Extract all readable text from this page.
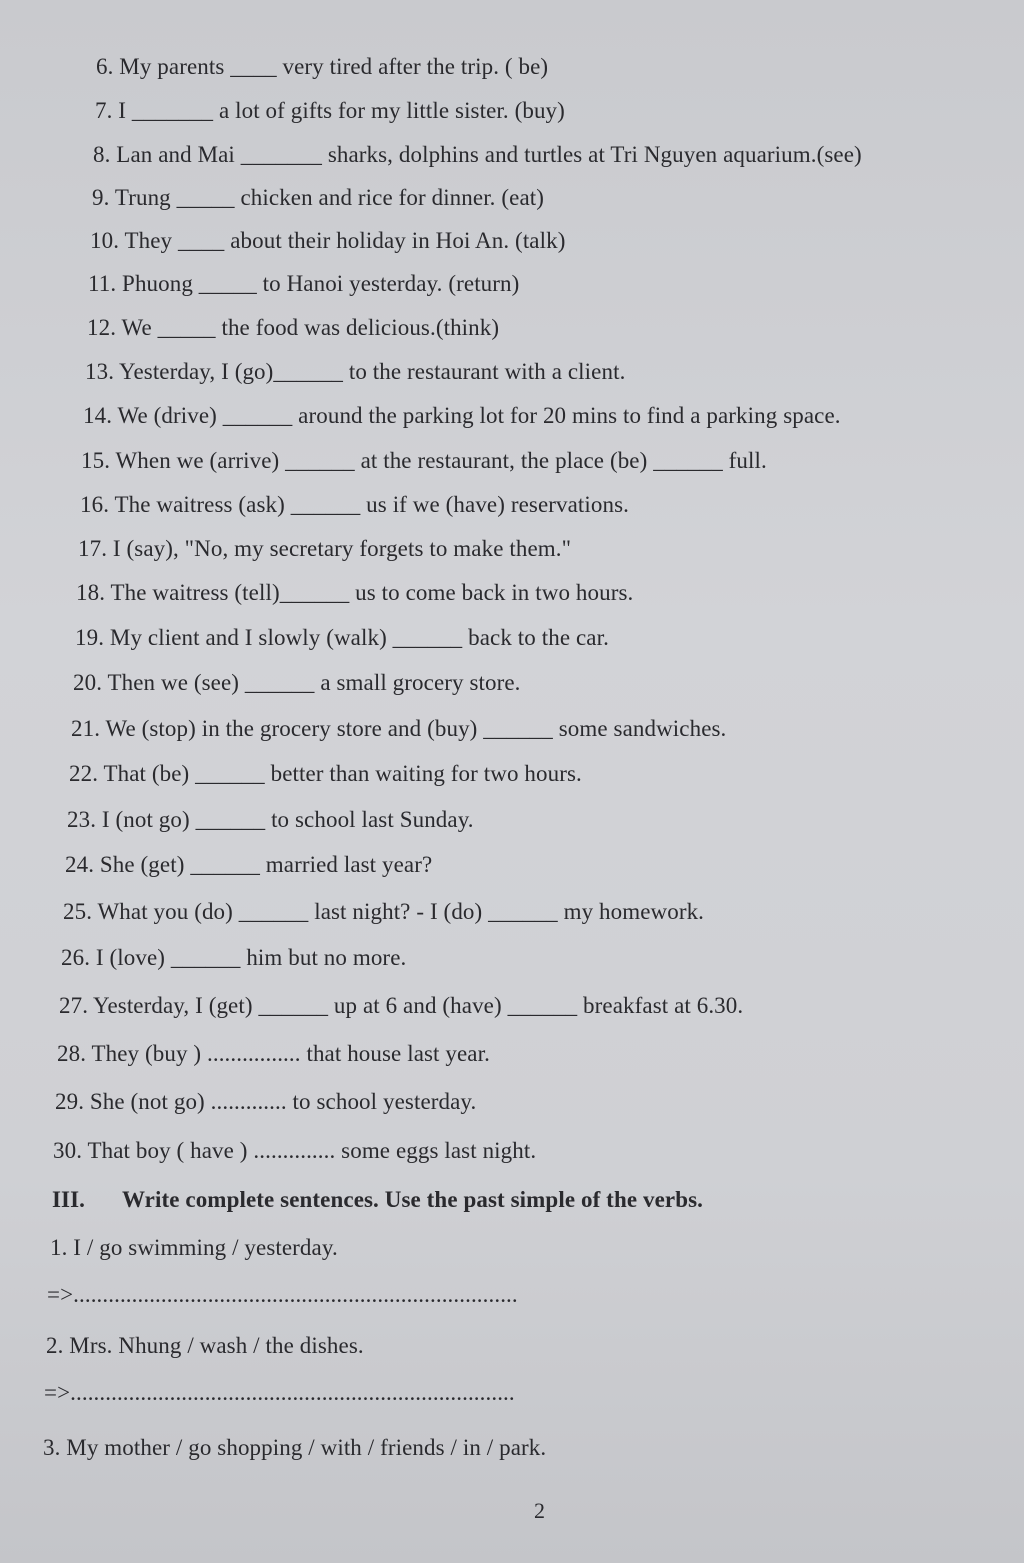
6. My parents ____ very tired after the trip. ( be)
7. I _______ a lot of gifts for my little sister. (buy)
8. Lan and Mai _______ sharks, dolphins and turtles at Tri Nguyen aquarium.(see)
9. Trung _____ chicken and rice for dinner. (eat)
10. They ____ about their holiday in Hoi An. (talk)
11. Phuong _____ to Hanoi yesterday. (return)
12. We _____ the food was delicious.(think)
13. Yesterday, I (go)______ to the restaurant with a client.
14. We (drive) ______ around the parking lot for 20 mins to find a parking space.
15. When we (arrive) ______ at the restaurant, the place (be) ______ full.
16. The waitress (ask) ______ us if we (have) reservations.
17. I (say), "No, my secretary forgets to make them."
18. The waitress (tell)______ us to come back in two hours.
19. My client and I slowly (walk) ______ back to the car.
20. Then we (see) ______ a small grocery store.
21. We (stop) in the grocery store and (buy) ______ some sandwiches.
22. That (be) ______ better than waiting for two hours.
23. I (not go) ______ to school last Sunday.
24. She (get) ______ married last year?
25. What you (do) ______ last night? - I (do) ______ my homework.
26. I (love) ______ him but no more.
27. Yesterday, I (get) ______ up at 6 and (have) ______ breakfast at 6.30.
28. They (buy ) ................ that house last year.
29. She (not go) ............. to school yesterday.
30. That boy ( have ) .............. some eggs last night.
III. Write complete sentences. Use the past simple of the verbs.
1. I / go swimming / yesterday.
=>............................................................................
2. Mrs. Nhung / wash / the dishes.
=>............................................................................
3. My mother / go shopping / with / friends / in / park.
2
